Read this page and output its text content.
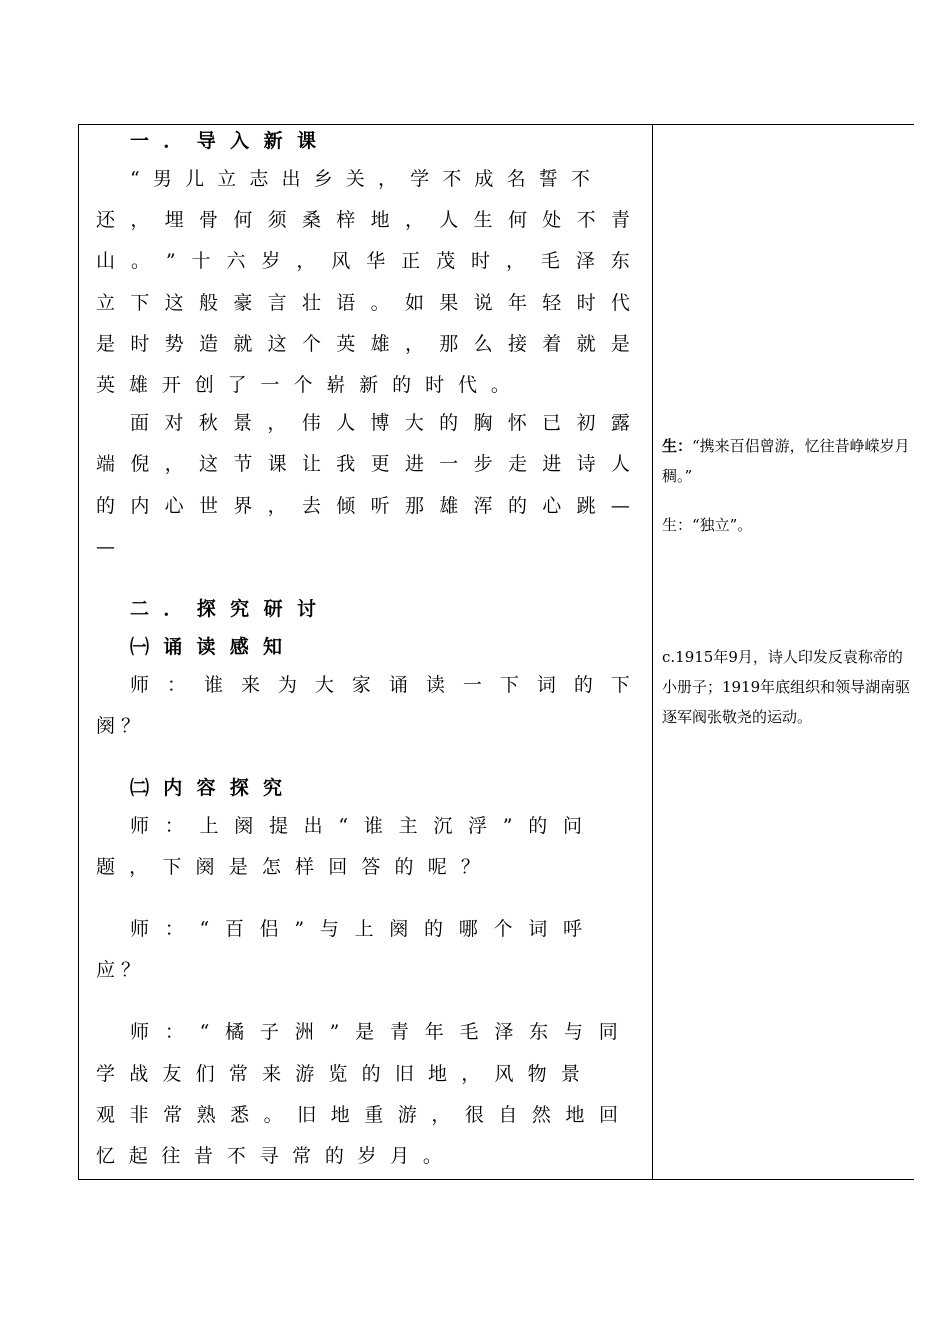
一 ． 导 入 新 课
“ 男 儿 立 志 出 乡 关 ， 学 不 成 名 誓 不
还 ， 埋 骨 何 须 桑 梓 地 ， 人 生 何 处 不 青
山 。 ” 十 六 岁 ， 风 华 正 茂 时 ， 毛 泽 东
立 下 这 般 豪 言 壮 语 。 如 果 说 年 轻 时 代
是 时 势 造 就 这 个 英 雄 ， 那 么 接 着 就 是
英 雄 开 创 了 一 个 崭 新 的 时 代 。
面 对 秋 景 ， 伟 人 博 大 的 胸 怀 已 初 露
端 倪 ， 这 节 课 让 我 更 进 一 步 走 进 诗 人
的 内 心 世 界 ， 去 倾 听 那 雄 浑 的 心 跳 —
—
二 ． 探 究 研 讨
㈠ 诵 读 感 知
师 ： 谁 来 为 大 家 诵 读 一 下 词 的 下
阕 ？
㈡ 内 容 探 究
师 ： 上 阕 提 出 “ 谁 主 沉 浮 ” 的 问
题 ， 下 阕 是 怎 样 回 答 的 呢 ？
师 ： “ 百 侣 ” 与 上 阕 的 哪 个 词 呼
应 ？
师 ： “ 橘 子 洲 ” 是 青 年 毛 泽 东 与 同
学 战 友 们 常 来 游 览 的 旧 地 ， 风 物 景
观 非 常 熟 悉 。 旧 地 重 游 ， 很 自 然 地 回
忆 起 往 昔 不 寻 常 的 岁 月 。
生：“携来百侣曾游，忆往昔峥嵘岁月稠。”
生：“独立”。
c.1915年9月，诗人印发反袁称帝的小册子；1919年底组织和领导湖南驱逐军阀张敬尧的运动。
